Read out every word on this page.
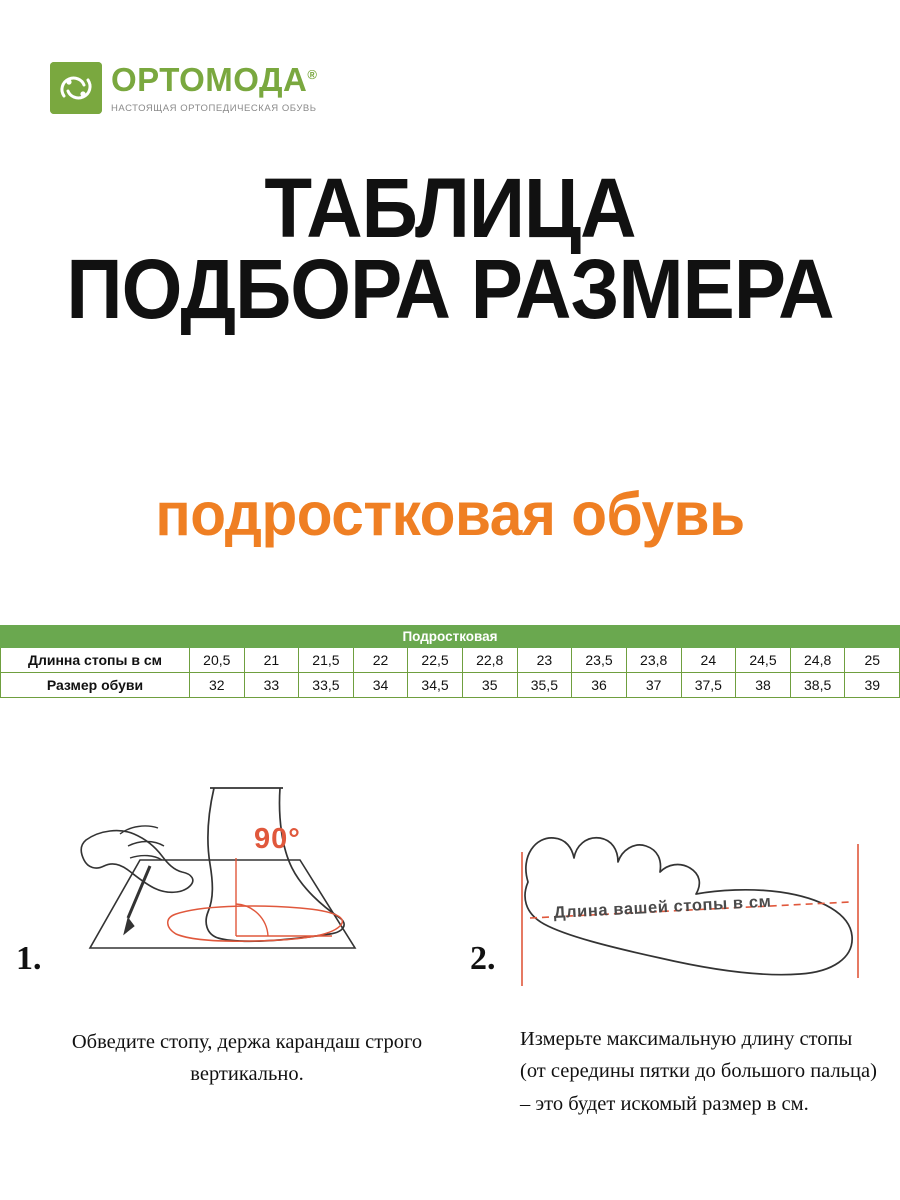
ОРТОМОДА®
НАСТОЯЩАЯ ОРТОПЕДИЧЕСКАЯ ОБУВЬ
ТАБЛИЦА
ПОДБОРА РАЗМЕРА
подростковая обувь
Подростковая													
Длинна стопы в см	20,5	21	21,5	22	22,5	22,8	23	23,5	23,8	24	24,5	24,8	25
Размер обуви	32	33	33,5	34	34,5	35	35,5	36	37	37,5	38	38,5	39
90°
Длина вашей стопы в см
1.	2.
Обведите стопу, держа карандаш строго вертикально.
Измерьте максимальную длину стопы (от середины пятки до большого пальца) – это будет искомый размер в см.
